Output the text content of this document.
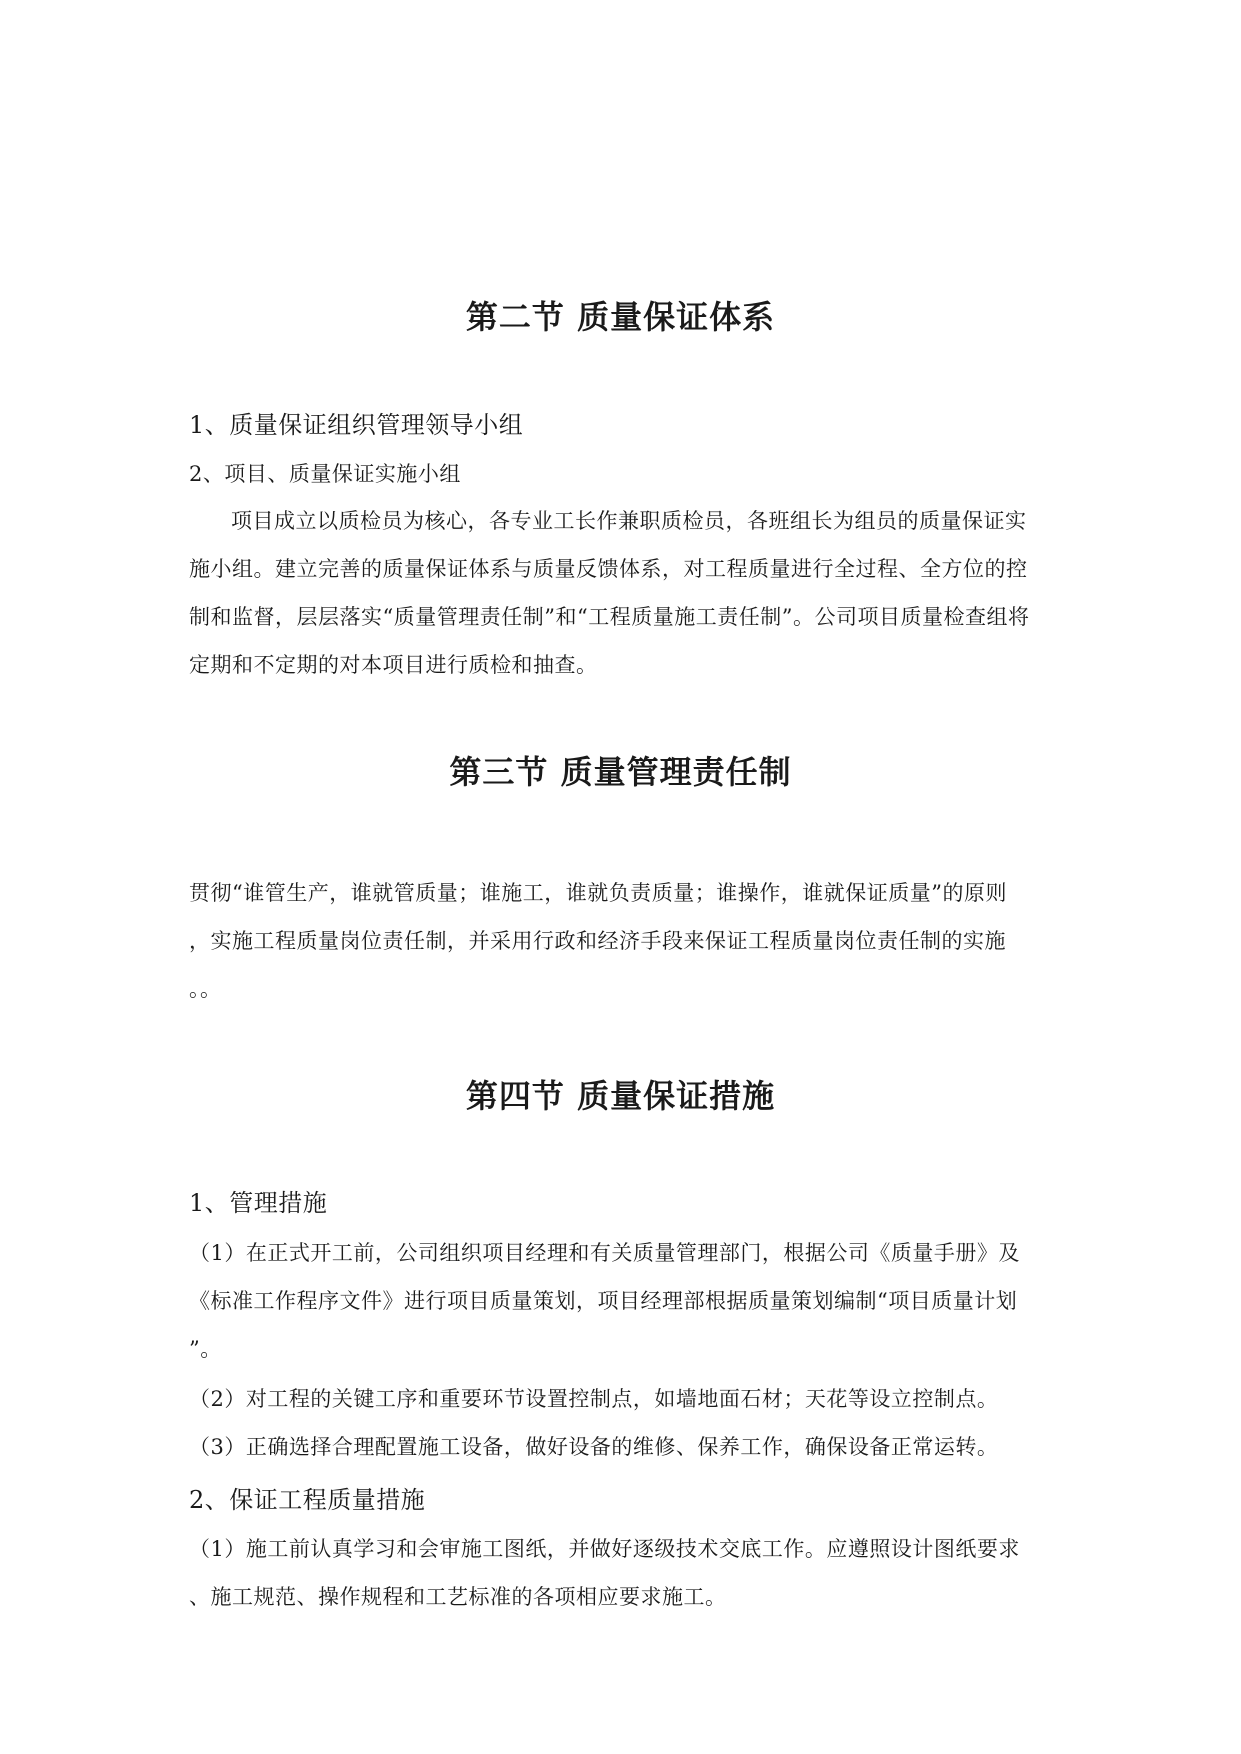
第二节 质量保证体系
1、质量保证组织管理领导小组
2、项目、质量保证实施小组
项目成立以质检员为核心，各专业工长作兼职质检员，各班组长为组员的质量保证实
施小组。建立完善的质量保证体系与质量反馈体系，对工程质量进行全过程、全方位的控
制和监督，层层落实“质量管理责任制”和“工程质量施工责任制”。公司项目质量检查组将
定期和不定期的对本项目进行质检和抽查。
第三节 质量管理责任制
贯彻“谁管生产，谁就管质量；谁施工，谁就负责质量；谁操作，谁就保证质量”的原则
，实施工程质量岗位责任制，并采用行政和经济手段来保证工程质量岗位责任制的实施
。。
第四节 质量保证措施
1、管理措施
（1）在正式开工前，公司组织项目经理和有关质量管理部门，根据公司《质量手册》及
《标准工作程序文件》进行项目质量策划，项目经理部根据质量策划编制“项目质量计划
”。
（2）对工程的关键工序和重要环节设置控制点，如墙地面石材；天花等设立控制点。
（3）正确选择合理配置施工设备，做好设备的维修、保养工作，确保设备正常运转。
2、保证工程质量措施
（1）施工前认真学习和会审施工图纸，并做好逐级技术交底工作。应遵照设计图纸要求
、施工规范、操作规程和工艺标准的各项相应要求施工。
